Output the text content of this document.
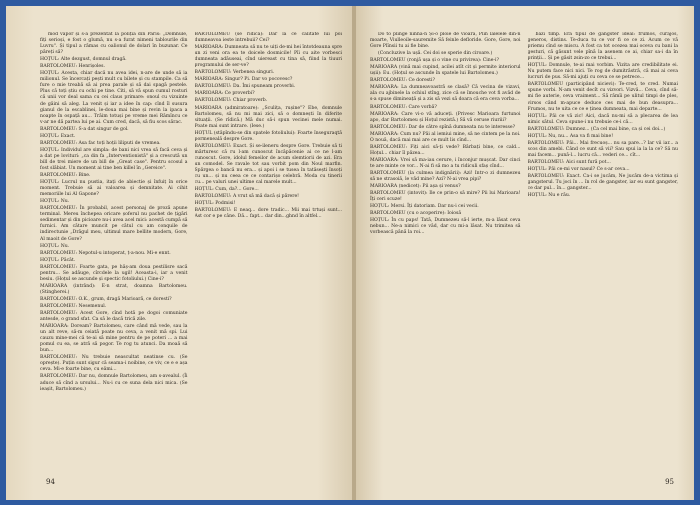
mod vapor și s-a prezentat la poliția din Paris: „Domnule, fiți serioși, e fost o glumă, nu s-a furat nimeni tablourile din Luvru". Și tipul a rămas cu oalionul de dolari în buzunar. Ce păreți să?

HOȚUL: Alte dezgust, domnul dragă.

BARTOLOMEU: Henrișoles.

HOȚUL: Acesta, chiar dacă nu avea idei, n-are de unde să ia milionul. Se încercați pești mult cu bilete și cu stampile. Ca să fure o mie treabă să ai prea parale și să dai spagă pestele. Plus că toți știu cu ochi pe tine. Citi, să vă spun cumul rosturi că unii vor deal sama cu cei claus primare: onoul cu vizuinte de găini să aleg. La venit și iar a idee în cap: cînd îl susura gianul de la escablinei, le-doua mai bine și revin la ipaca a noapte în ospață au... Trăim totuși pe vreme mei Rămîncu ce v-ar ne dă partea lui pe ai. Cum cred, dacă, să fiu scos sărac.

BARTOLOMEU: S-a dat singur de gol.

HOȚUL: Exact.

BARTOLOMEU: Asa fac toți hoții liliputi de vremea.

HOȚUL: Individul are simpla: de bani nici vrea să facă ceva și a dat pe lovituri: „ca din fa „Interventionistă" și a crescută un bill de trei miere de un bill de „Great case". Pentru scosul a fost slăbiat. Un moment ai tine ben killel în „Gereice".

BARTOLOMEU: Bine.

HOȚUL: Lucrul nu pustia, itați de abiectie și înfuiț în orice moment. Trebuie să ai valoarea și demnitate. Ai cihit memoriile lui Al Gapone?

HOȚUL: Nu.

BARTOLOMEU: În probabil, acest personaj de proză apune terminal. Mereu închepea oricare șoferul nu pachet de țigări sedimentar și din picioare nu-i avea acel mici: acestă cumpă să furnici. Am cătare muncit pe cătul cu am conquile de indirectunie „Drăgul meu, ultimul mare bellite modern, Gore, Al maoit de Gore?

HOȚUL: Nu.

BARTOLOMEU: Nepotul-u intoperat, ț-a-nou. Mi-e ennt.

HOȚUL: Păcăt.

BARTOLOMEU: Foarte gata, pe hăș-am doua pestilisre sacă pentru... Se adăuge, cîrcdele la ugil! Aceasta-i, iar a venit besiu. (Hoțul se ascunde și spectic fotoliului.) Cine-i?

MARIOARA (intrând): E-n strat, doamna Bartolomeu. (Stingherei.)

BARTOLOMEU: O.K., grum, dragă Marioară, ce doresti?

BARTOLOMEU: Nesemenul.

BARTOLOMEU: Acest Gore, cînd hotă pe dogoi comuniate antesde, o grand sfat. Ca să le dacă trică zile.

MARIOARA: Doream? Bartolomeu, care când mă vede, sau la un alt reve, să-m ceiată poate nu ceva, a venit mă spi. Lui cauzu mine-mei că te-ai să mine pentru de pe poteri ... a mai pomul cu ea, se atră să pogor. Te rog tu atunci. Da moaă să bun...

BARTOLOMEU: Nu trebuie neascultat neatinse cu. (Se oprește). Puțin sunt sigur că seama-i noibine, ce viv, ce e e așa ceva. Mi-e foarte bine, cu eâmi...

BARTOLOMEU: Dar nu, domnule Bartolomeu, am s-avealul. (Îi aduce să cînd a ursului... Nu-i cu ce suna dela nici mica. (Se ieașit, Bartolomeu.)

BARTOLOMEU (se ridică): Dar la ce calitate lui poi dumneavoa ieste intrebuii? Cei?

MARIOARA: Dumneata să nu te uiți de-mi hei întotdeauna spre un zi veni ora ea te doicele dosmicile! Pîi cu aite vorbesci dumneata adăuseai, cînd uiereast cu tina să, fiind la tiuuri programului de ser-ve?

BARTOLOMEU: Verbenea singuri.

MARIOARA: Singur? Pi. Dar vo pocovesc?

BARTOLOMEU: Da. Îmi spuneam proverbi.

MARIOARA: Ce proverbi?

BARTOLOMEU: Chiar proverb.

MARIOARA (admiratoare): „Sculița, rușine"? Ebe, domnule Bartolomeu, să nu mi mai zici, să o domnești în diferite situații. (Se rîdică.) Mă duc să-i spun vecinei mele numai. Poate mai sunt intrare. (Iese.)

HOȚUL (stăpîndu-se din spatele fotoliului): Foarte înseguraqtă pormeneală despre Gore.

BARTOLOMEU: Exact. Și se-ileneru despre Gore. Trebuie să ti mărturesc că ru l-am cunoscut încăpăcenie ai ce ne l-am cunoscut. Gore, idolul femeilor de acum slemtiorii de azi. Era un comodel. Se ravale tot sau vorbit pom din Noul marfin. Spărgea o bancă nu era... și apoi i se tusea în tatăsești însoți cu un... și nu ceea ce ce contarișo celebră. Moda cu tinerii cu... pe valuri unei ultime cal marele mult...

HOȚUL: Cum, da?... Gore...

BARTOLOMEU: A vrut să mă dacă și părere!

HOȚUL: Podmisi!

BARTOLOMEU: E neaq... dore tradic... Mii mai trtuși sunt... Ast cor e pe câne. Dă... fapt... dar din...ghnd în altfel...

94

Do to plînge ninnă-n Și-o ploie de vioară, Plîn lalelele din-n moarte, Viulleoile-sauremite Să feinle defloride. Gore, Gore, noi Gore Plînsii tu ai fie bine.

(Concluzive la ușă. Cei doi se sperie din ciroare.)

BARTOLOMEU (ronjă ușa și o vine cu privirea): Cine-i?

MARIOARA (vină mai cupind, acilei atît cit și permite interiorul ușii): Eu. (Hoțul se ascunde în spatele lui Bartolomeu.)

BARTOLOMEU: Ce doresti?

MARIOARA: La dumneavoastră se clasă? Că vecina de vizavi, ala cu ajbinele la ochiul stîng, zice că se îmouche vot fi avăd de s-a spuse dimineață și a zis să vezi să doara că era ceva vorba...

BARTOLOMEU: Care vorbă?

MARIOARA: Care vi-o vă aduceți. (Privesc Marioara furtunoi apo, dar Bartolomeu și Hoțul rezistă.) Să vă ceruse riuriii?

BARTOLOMEU: Dar de către spînă dumneata nu te interesse?

MARIOARA: Cum nu? Păi al iemiui mine, să ne cintem pe la noi. O nouă, dacă mai mai are ce mult lis cînd...

BARTOLOMEU: Fiți aici să-ți vede? Bărbați bine, ce cald... Hoțul... chiar îl păzea...

MARIOARA: Vrei să ma-iau cerure, i înconjur mușcat. Dar cinci te are minte ce vor... N-ai fi să mo a tu ridiculi sfaș cînd...

BARTOLOMEU (la culmea indignării): Azi! Intr-o zi dumnezeu să ne strasoiă, le văd mine? Azi? N-ai vrea pipi?

MARIOARA (nedicet): Pii așa și venus?

BARTOLOMEU (intovit): Ile ce prin-o să mire? Pii lui Marioara! Îți ceri scuze!

HOȚUL: Mersi. Îți datoriam. Dar nu-i cei vecii.

BARTOLOMEU (cu o acoperire): Ioiosă

HOȚUL: În cu paps! Tată, Dumnezeu să-l ierte, m-a lăsat ceva nebun... Ne-a nimici ce văd, dar cu mi-a lăsat. Nu trimitea să vorbească până la roi...

bazi timp. Era tipul de gangster ideal: frumos, curajos, generos, distins. Te-duca tu ce vor fi ce ce zi. Acum ce vă priemu cînd se miscu. A fost ca tot ocezea mai oceva cu bani la gesturi, că găsunt vele pînă la asenem ce ai, chiar sa-i da în prinții... Și pe găsit zsin-zo ce trebui...

HOȚUL: Domnule, te-ai mai vorbim. Vizita are credibilitate ei. Nu putem face nici nici. Te rog de dumitrăstră, că mai ai ceva lucruri de pus. Să-mi ajuți cu ceva ce se petrece...

BARTOLOMEU (participând nicievi): Te-cred, te cred. Numai spune vorbi. N-am venit decît cu vizvori. Vizvă... Ceva, cînd să-mi fie auterie, ceva vraiment... Să rămîi pe ulitul timpi de ples, virsos când m-apuce deduce ces mai de bun deasupra... Frumos, nu te uita ce ce e ținea dumneata, mai departe...

HOȚUL: Păi ce vă zic! Aici, dacă nu-mi să a plecarea de lea nimic sătul. Ceva spune-i nu trebuie ce-i că...

BARTOLOMEU: Dumnez... (Ca cel mai bine, ca și cei doi...)

HOȚUL: Nu, nu... Asa va fi mai bine!

BARTOLOMEU: Păi... Mai frecuoș... nu sa pare...? Iar vii iar... a scos din amebi. Când ce sunt să vii? Sau spui ia la la ce? Să nu mai facem... pună-l... lucru că... vederi ce... cît...

BARTOLOMEU: Aici sunt fură pot...

HOȚUL: Păi ce-mi vor nasul? Ce s-ar ceva...

BARTOLOMEU: Exact. Ca-i se jucăm, Ne jucăm de-a victima și gangsterul. Tu joci în ... în rol de gangster, iar eu sunt gangster, ce dar pul... în... gangster...

HOȚUL: Nu e rău.

95
